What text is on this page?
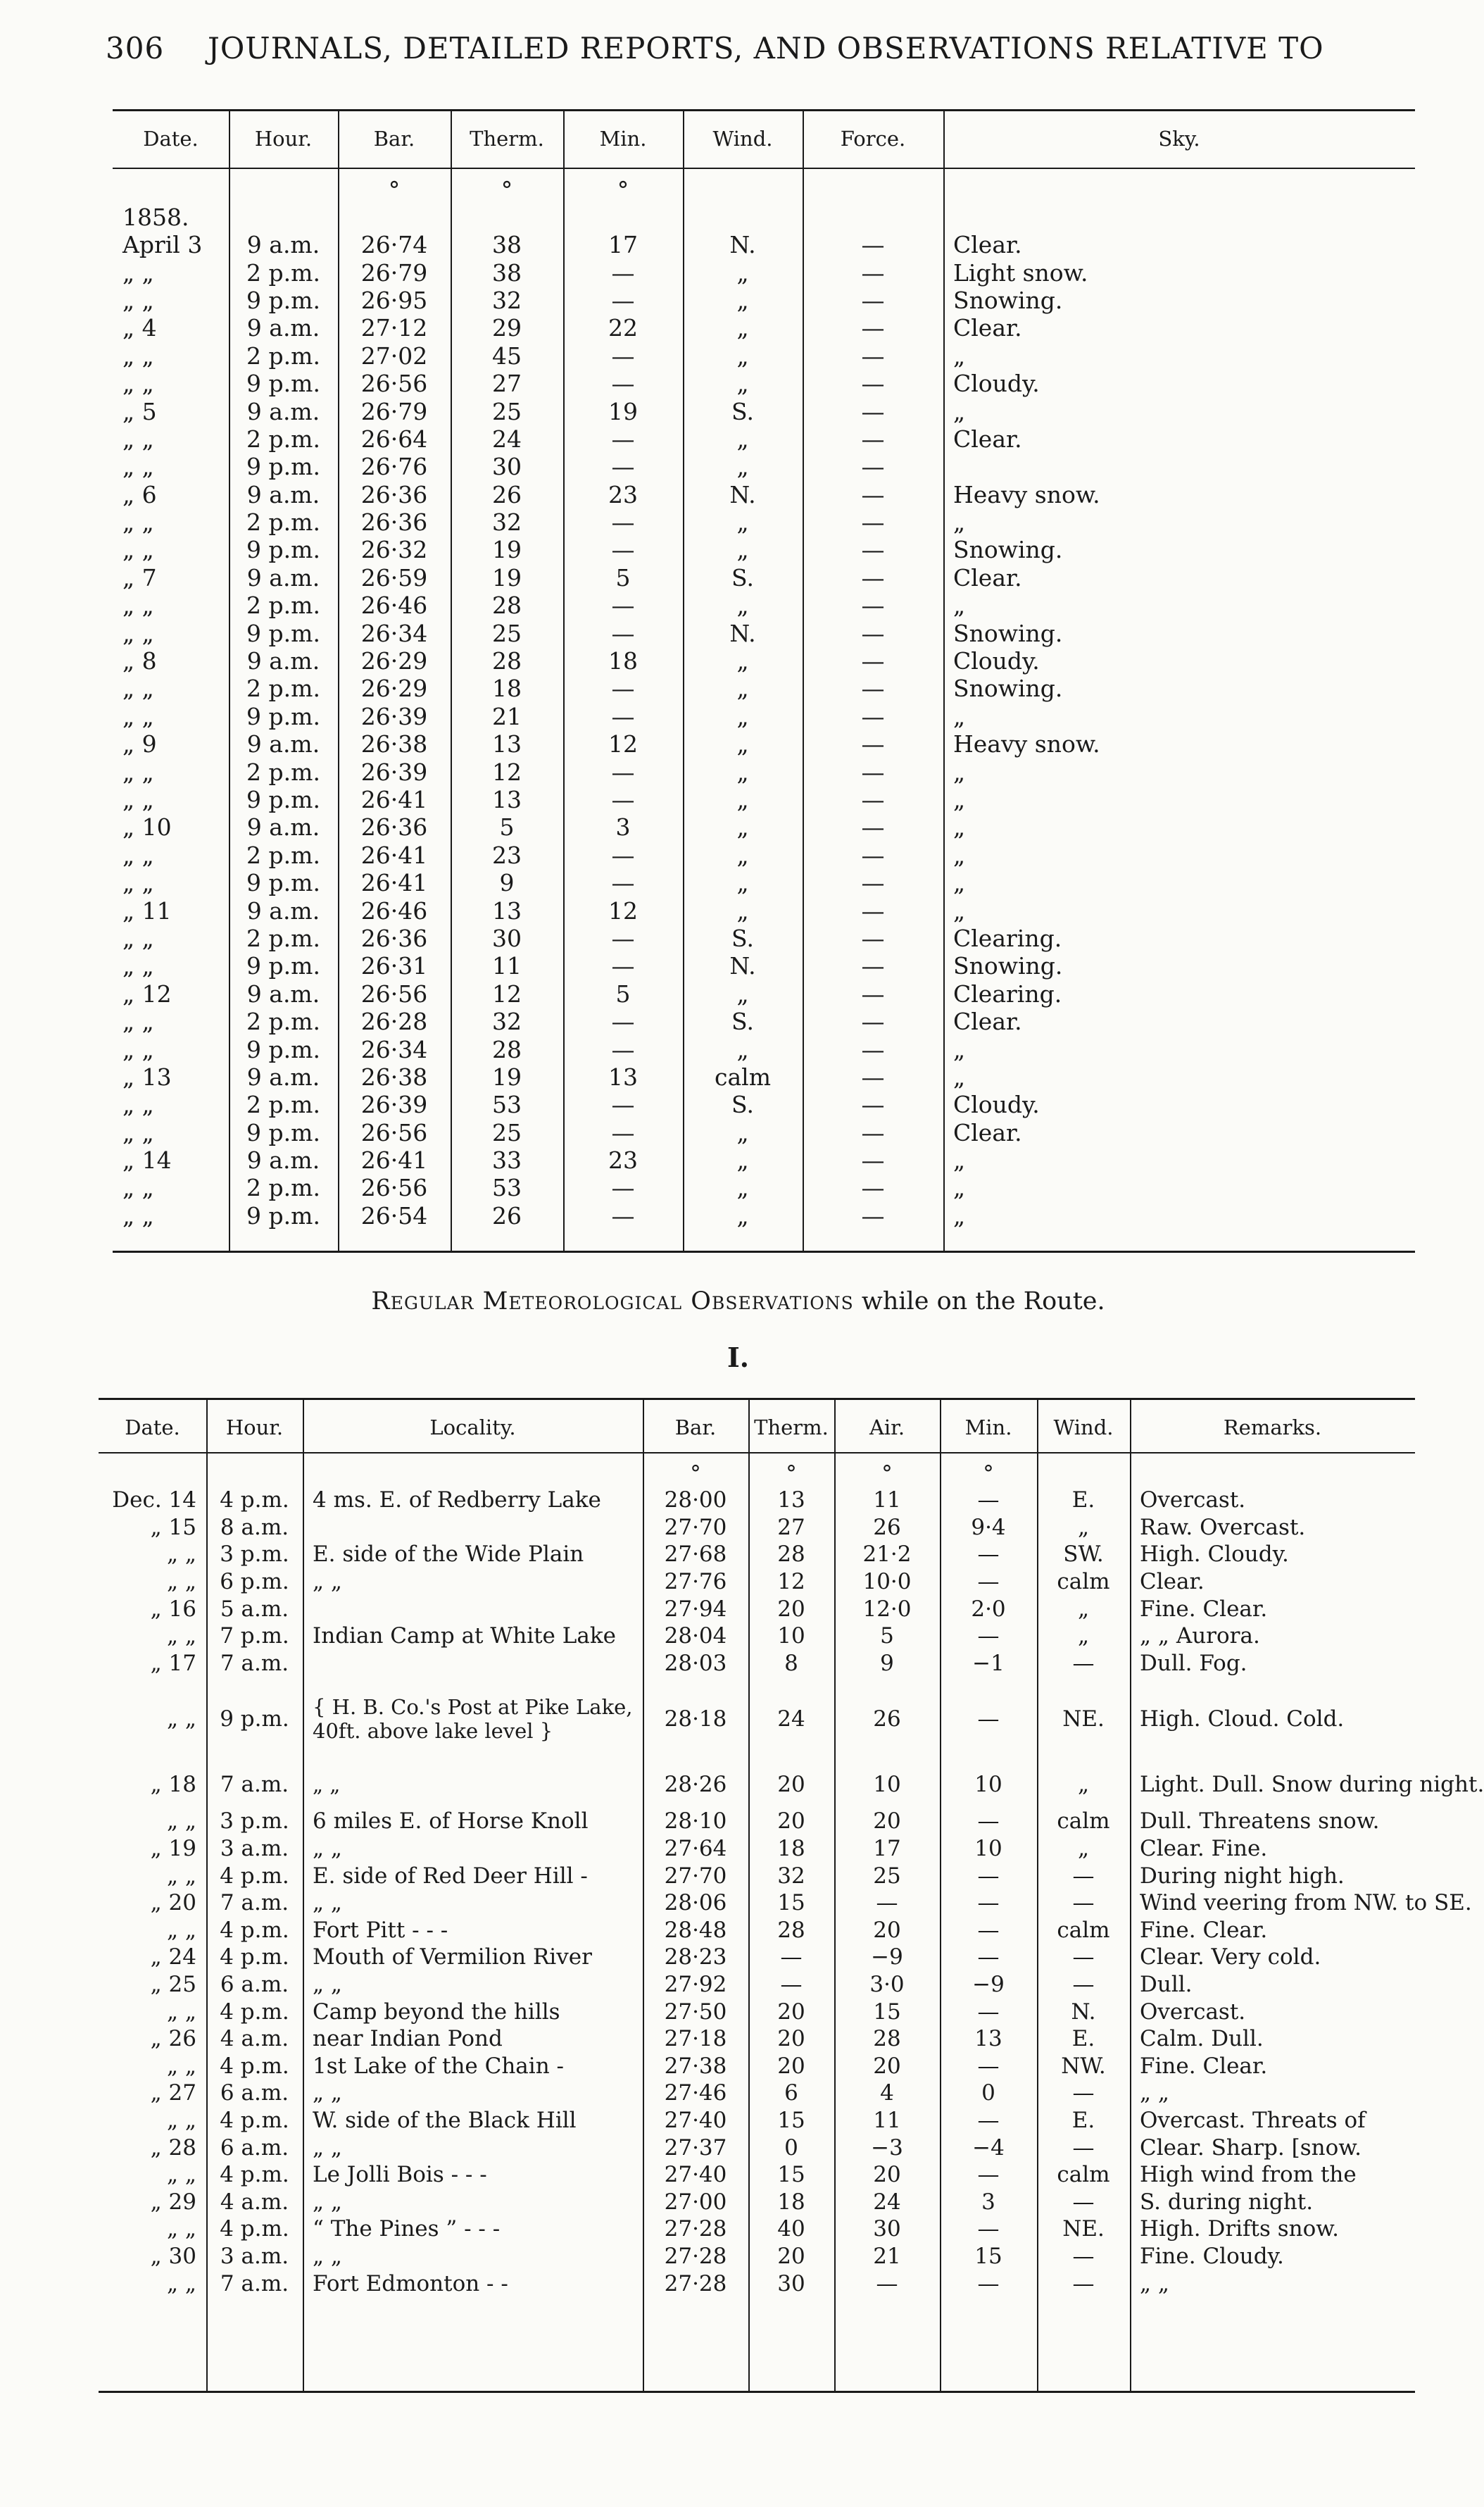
306 JOURNALS, DETAILED REPORTS, AND OBSERVATIONS RELATIVE TO
Date.	Hour.	Bar.	Therm.	Min.	Wind.	Force.	Sky.
		°	°	°			
1858.							
April 3	9 a.m.	26·74	38	17	N.	—	Clear.
„ „	2 p.m.	26·79	38	—	„	—	Light snow.
„ „	9 p.m.	26·95	32	—	„	—	Snowing.
„ 4	9 a.m.	27·12	29	22	„	—	Clear.
„ „	2 p.m.	27·02	45	—	„	—	„
„ „	9 p.m.	26·56	27	—	„	—	Cloudy.
„ 5	9 a.m.	26·79	25	19	S.	—	„
„ „	2 p.m.	26·64	24	—	„	—	Clear.
„ „	9 p.m.	26·76	30	—	„	—	
„ 6	9 a.m.	26·36	26	23	N.	—	Heavy snow.
„ „	2 p.m.	26·36	32	—	„	—	„
„ „	9 p.m.	26·32	19	—	„	—	Snowing.
„ 7	9 a.m.	26·59	19	5	S.	—	Clear.
„ „	2 p.m.	26·46	28	—	„	—	„
„ „	9 p.m.	26·34	25	—	N.	—	Snowing.
„ 8	9 a.m.	26·29	28	18	„	—	Cloudy.
„ „	2 p.m.	26·29	18	—	„	—	Snowing.
„ „	9 p.m.	26·39	21	—	„	—	„
„ 9	9 a.m.	26·38	13	12	„	—	Heavy snow.
„ „	2 p.m.	26·39	12	—	„	—	„
„ „	9 p.m.	26·41	13	—	„	—	„
„ 10	9 a.m.	26·36	5	3	„	—	„
„ „	2 p.m.	26·41	23	—	„	—	„
„ „	9 p.m.	26·41	9	—	„	—	„
„ 11	9 a.m.	26·46	13	12	„	—	„
„ „	2 p.m.	26·36	30	—	S.	—	Clearing.
„ „	9 p.m.	26·31	11	—	N.	—	Snowing.
„ 12	9 a.m.	26·56	12	5	„	—	Clearing.
„ „	2 p.m.	26·28	32	—	S.	—	Clear.
„ „	9 p.m.	26·34	28	—	„	—	„
„ 13	9 a.m.	26·38	19	13	calm	—	„
„ „	2 p.m.	26·39	53	—	S.	—	Cloudy.
„ „	9 p.m.	26·56	25	—	„	—	Clear.
„ 14	9 a.m.	26·41	33	23	„	—	„
„ „	2 p.m.	26·56	53	—	„	—	„
„ „	9 p.m.	26·54	26	—	„	—	„
Regular Meteorological Observations while on the Route.
I.
Date.	Hour.	Locality.	Bar.	Therm.	Air.	Min.	Wind.	Remarks.
			°	°	°	°		
Dec. 14	4 p.m.	4 ms. E. of Redberry Lake	28·00	13	11	—	E.	Overcast.
„ 15	8 a.m.		27·70	27	26	9·4	„	Raw. Overcast.
„ „	3 p.m.	E. side of the Wide Plain	27·68	28	21·2	—	SW.	High. Cloudy.
„ „	6 p.m.	„ „	27·76	12	10·0	—	calm	Clear.
„ 16	5 a.m.		27·94	20	12·0	2·0	„	Fine. Clear.
„ „	7 p.m.	Indian Camp at White Lake	28·04	10	5	—	„	„ „ Aurora.
„ 17	7 a.m.		28·03	8	9	−1	—	Dull. Fog.
„ „	9 p.m.	{ H. B. Co.'s Post at Pike Lake, 40ft. above lake level }	28·18	24	26	—	NE.	High. Cloud. Cold.
„ 18	7 a.m.	„ „	28·26	20	10	10	„	Light. Dull. Snow during night.
„ „	3 p.m.	6 miles E. of Horse Knoll	28·10	20	20	—	calm	Dull. Threatens snow.
„ 19	3 a.m.	„ „	27·64	18	17	10	„	Clear. Fine.
„ „	4 p.m.	E. side of Red Deer Hill -	27·70	32	25	—	—	During night high.
„ 20	7 a.m.	„ „	28·06	15	—	—	—	Wind veering from NW. to SE.
„ „	4 p.m.	Fort Pitt - - -	28·48	28	20	—	calm	Fine. Clear.
„ 24	4 p.m.	Mouth of Vermilion River	28·23	—	−9	—	—	Clear. Very cold.
„ 25	6 a.m.	„ „	27·92	—	3·0	−9	—	Dull.
„ „	4 p.m.	Camp beyond the hills	27·50	20	15	—	N.	Overcast.
„ 26	4 a.m.	near Indian Pond	27·18	20	28	13	E.	Calm. Dull.
„ „	4 p.m.	1st Lake of the Chain -	27·38	20	20	—	NW.	Fine. Clear.
„ 27	6 a.m.	„ „	27·46	6	4	0	—	„ „
„ „	4 p.m.	W. side of the Black Hill	27·40	15	11	—	E.	Overcast. Threats of
„ 28	6 a.m.	„ „	27·37	0	−3	−4	—	Clear. Sharp. [snow.
„ „	4 p.m.	Le Jolli Bois - - -	27·40	15	20	—	calm	High wind from the
„ 29	4 a.m.	„ „	27·00	18	24	3	—	S. during night.
„ „	4 p.m.	“ The Pines ” - - -	27·28	40	30	—	NE.	High. Drifts snow.
„ 30	3 a.m.	„ „	27·28	20	21	15	—	Fine. Cloudy.
„ „	7 a.m.	Fort Edmonton - -	27·28	30	—	—	—	„ „
